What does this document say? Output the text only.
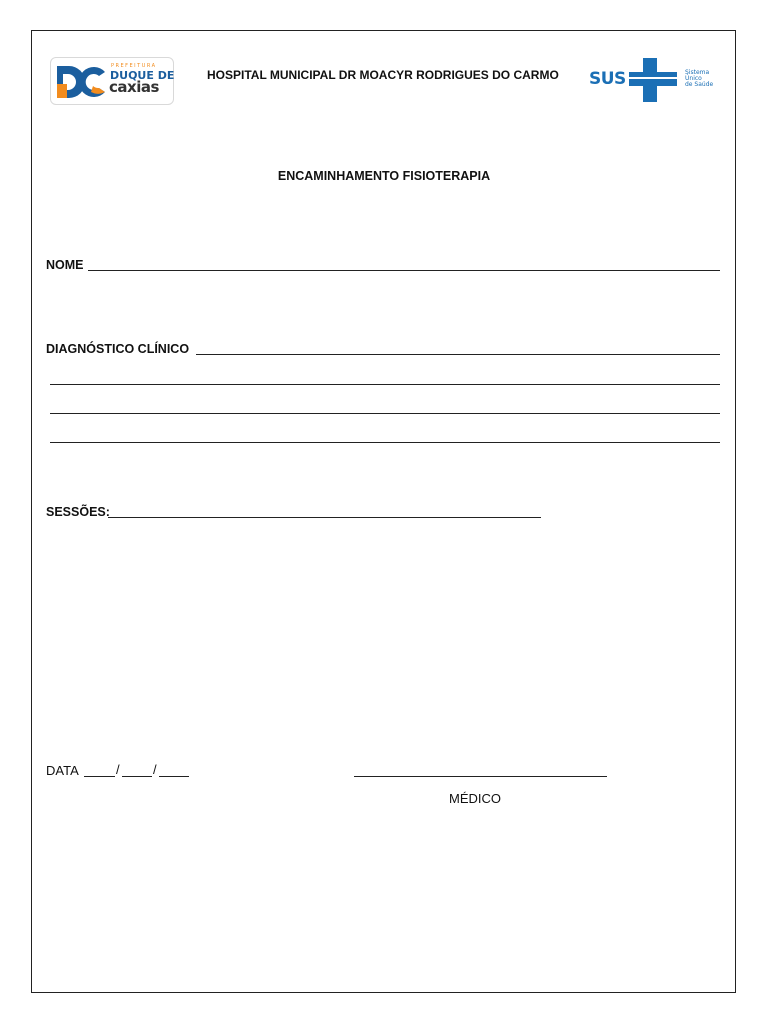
PREFEITURA
DUQUE DE
caxias
HOSPITAL MUNICIPAL DR MOACYR RODRIGUES DO CARMO SUS	Sistema
Único
de Saúde
ENCAMINHAMENTO FISIOTERAPIA
NOME
DIAGNÓSTICO CLÍNICO
SESSÕES:
DATA	/	/
MÉDICO
